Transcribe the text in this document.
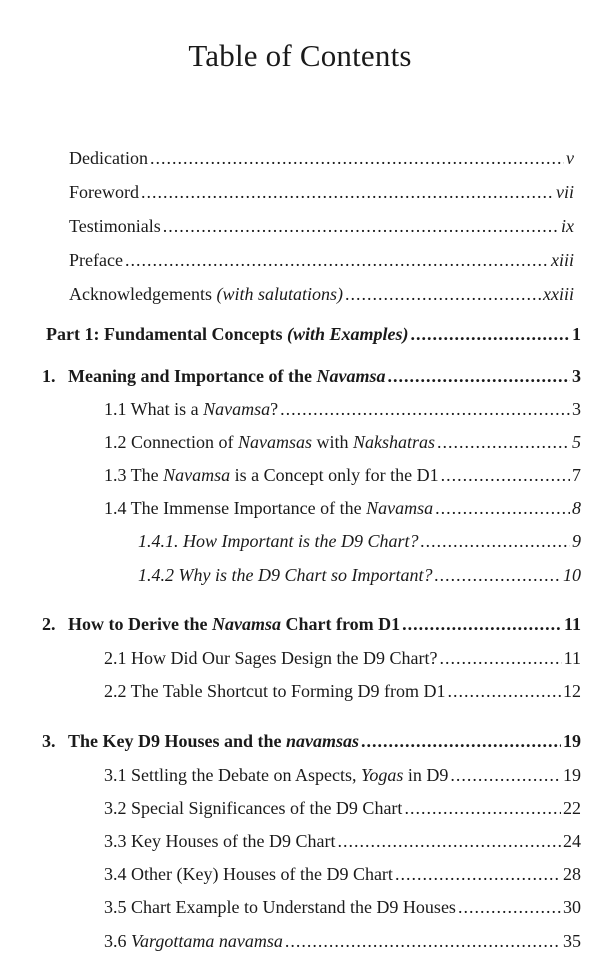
Table of Contents
Dedication .....	v
Foreword .....	vii
Testimonials .....	ix
Preface .....	xiii
Acknowledgements (with salutations) .....	xxiii
Part 1: Fundamental Concepts (with Examples) .....	1
1. Meaning and Importance of the Navamsa .....	3
1.1 What is a Navamsa? .....	3
1.2 Connection of Navamsas with Nakshatras .....	5
1.3 The Navamsa is a Concept only for the D1 .....	7
1.4 The Immense Importance of the Navamsa .....	8
1.4.1. How Important is the D9 Chart? .....	9
1.4.2 Why is the D9 Chart so Important? .....	10
2. How to Derive the Navamsa Chart from D1 .....	11
2.1 How Did Our Sages Design the D9 Chart? .....	11
2.2 The Table Shortcut to Forming D9 from D1 .....	12
3. The Key D9 Houses and the navamsas .....	19
3.1 Settling the Debate on Aspects, Yogas in D9 .....	19
3.2 Special Significances of the D9 Chart .....	22
3.3 Key Houses of the D9 Chart .....	24
3.4 Other (Key) Houses of the D9 Chart .....	28
3.5 Chart Example to Understand the D9 Houses .....	30
3.6 Vargottama navamsa .....	35
